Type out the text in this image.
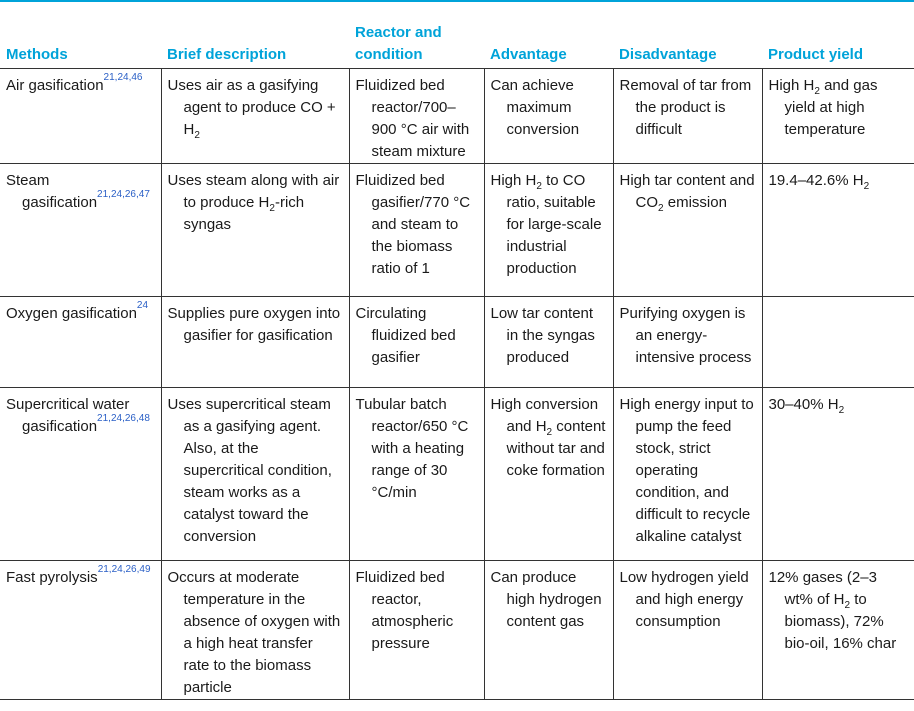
Methods	Brief description	Reactor and condition	Advantage	Disadvantage	Product yield

Air gasification$^{21,24,46}$	Uses air as a gasifying agent to produce CO + $H_2$	Fluidized bed reactor/700–900 °C air with steam mixture	Can achieve maximum conversion	Removal of tar from the product is difficult	High $H_2$ and gas yield at high temperature

Steam gasification$^{21,24,26,47}$	Uses steam along with air to produce $H_2$-rich syngas	Fluidized bed gasifier/770 °C and steam to the biomass ratio of 1	High $H_2$ to CO ratio, suitable for large-scale industrial production	High tar content and $CO_2$ emission	19.4–42.6% $H_2$

Oxygen gasification$^{24}$	Supplies pure oxygen into gasifier for gasification	Circulating fluidized bed gasifier	Low tar content in the syngas produced	Purifying oxygen is an energy-intensive process	

Supercritical water gasification$^{21,24,26,48}$	Uses supercritical steam as a gasifying agent. Also, at the supercritical condition, steam works as a catalyst toward the conversion	Tubular batch reactor/650 °C with a heating range of 30 °C/min	High conversion and $H_2$ content without tar and coke formation	High energy input to pump the feed stock, strict operating condition, and difficult to recycle alkaline catalyst	30–40% $H_2$

Fast pyrolysis$^{21,24,26,49}$	Occurs at moderate temperature in the absence of oxygen with a high heat transfer rate to the biomass particle	Fluidized bed reactor, atmospheric pressure	Can produce high hydrogen content gas	Low hydrogen yield and high energy consumption	12% gases (2–3 wt% of $H_2$ to biomass), 72% bio-oil, 16% char
